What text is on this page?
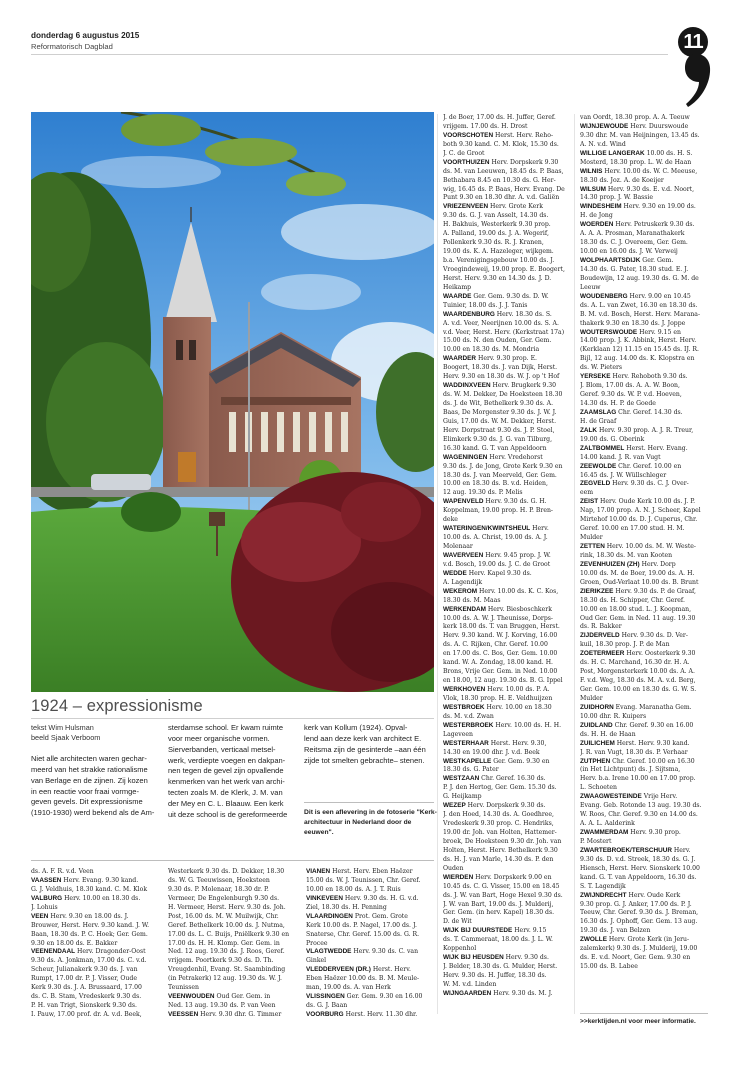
donderdag 6 augustus 2015
Reformatorisch Dagblad	11
1924 – expressionisme
tekst Wim Hulsman
beeld Sjaak Verboom
Niet alle architecten waren gechar-
meerd van het strakke rationalisme
van Berlage en de zijnen. Zij kozen
in een reactie voor fraai vormge-
geven gevels. Dit expressionisme
(1910-1930) werd bekend als de Am-
sterdamse school. Er kwam ruimte
voor meer organische vormen.
Sierverbanden, verticaal metsel-
werk, verdiepte voegen en dakpan-
nen tegen de gevel zijn opvallende
kenmerken van het werk van archi-
tecten zoals M. de Klerk, J. M. van
der Mey en C. L. Blaauw. Een kerk
uit deze school is de gereformeerde
kerk van Kollum (1924). Opval-
lend aan deze kerk van architect E.
Reitsma zijn de gesinterde –aan één
zijde tot smelten gebrachte– stenen.
Dit is een aflevering in de fotoserie "Kerk-
architectuur in Nederland door de
eeuwen".
ds. A. F. R. v.d. Veen
VAASSEN Herv. Evang. 9.30 kand.
G. J. Veldhuis, 18.30 kand. C. M. Klok
VALBURG Herv. 10.00 en 18.30 ds.
J. Lohuis
VEEN Herv. 9.30 en 18.00 ds. J.
Brouwer, Herst. Herv. 9.30 kand. J. W.
Baan, 18.30 ds. P. C. Hoek; Ger. Gem.
9.30 en 18.00 ds. E. Bakker
VEENENDAAL Herv. Dragonder-Oost
9.30 ds. A. Jonkman, 17.00 ds. C. v.d.
Scheur, Julianakerk 9.30 ds. J. van
Rumpt, 17.00 dr. P. J. Visser, Oude
Kerk 9.30 ds. J. A. Brussaard, 17.00
ds. C. B. Stam, Vredeskerk 9.30 ds.
P. H. van Trigt, Sionskerk 9.30 ds.
I. Pauw, 17.00 prof. dr. A. v.d. Beek,
Westerkerk 9.30 ds. D. Dekker, 18.30
ds. W. G. Teeuwissen, Hoeksteen
9.30 ds. P. Molenaar, 18.30 dr. P.
Vermeer, De Engelenburgh 9.30 ds.
H. Vermeer, Herst. Herv. 9.30 ds. Joh.
Post, 16.00 ds. M. W. Muilwijk, Chr.
Geref. Bethelkerk 10.00 ds. J. Nutma,
17.00 ds. L. C. Buijs, Pniëlkerk 9.30 en
17.00 ds. H. H. Klomp. Ger. Gem. in
Ned. 12 aug. 19.30 ds. J. Roos, Geref.
vrijgem. Poortkerk 9.30 ds. D. Th.
Vreugdenhil, Evang. St. Saambinding
(in Petrakerk) 12 aug. 19.30 ds. W. J.
Teunissen
VEENWOUDEN Oud Ger. Gem. in
Ned. 13 aug. 19.30 ds. P. van Veen
VEESSEN Herv. 9.30 dhr. G. Timmer
VIANEN Herst. Herv. Eben Haëzer
15.00 ds. W. J. Teunissen, Chr. Geref.
10.00 en 18.00 ds. A. J. T. Ruis
VINKEVEEN Herv. 9.30 ds. H. G. v.d.
Ziel, 18.30 ds. H. Penning
VLAARDINGEN Prot. Gem. Grote
Kerk 10.00 ds. P. Nagel, 17.00 ds. J.
Snaterse, Chr. Geref. 15.00 ds. G. R.
Procee
VLAGTWEDDE Herv. 9.30 ds. C. van
Ginkel
VLEDDERVEEN (DR.) Herst. Herv.
Eben Haëzer 10.00 ds. B. M. Meule-
man, 19.00 ds. A. van Herk
VLISSINGEN Ger. Gem. 9.30 en 16.00
ds. G. J. Baan
VOORBURG Herst. Herv. 11.30 dhr.
J. de Boer, 17.00 ds. H. Juffer, Geref.
vrijgem. 17.00 ds. H. Drost
VOORSCHOTEN Herst. Herv. Reho-
both 9.30 kand. C. M. Klok, 15.30 ds.
J. C. de Groot
VOORTHUIZEN Herv. Dorpskerk 9.30
ds. M. van Leeuwen, 18.45 ds. P. Baas,
Bethabara 8.45 en 10.30 ds. G. Her-
wig, 16.45 ds. P. Baas, Herv. Evang. De
Punt 9.30 en 18.30 dhr. A. v.d. Galiën
VRIEZENVEEN Herv. Grote Kerk
9.30 ds. G. J. van Asselt, 14.30 ds.
H. Bakhuis, Westerkerk 9.30 prop.
A. Palland, 19.00 ds. J. A. Wegerif,
Pollenkerk 9.30 ds. R. J. Kranen,
19.00 ds. K. A. Hazeleger, wijkgem.
b.a. Verenigingsgebouw 10.00 ds. J.
Vroegindeweij, 19.00 prop. E. Boogert,
Herst. Herv. 9.30 en 14.30 ds. J. D.
Heikamp
WAARDE Ger. Gem. 9.30 ds. D. W.
Tuinier, 18.00 ds. J. J. Tanis
WAARDENBURG Herv. 18.30 ds. S.
A. v.d. Veer, Neerijnen 10.00 ds. S. A.
v.d. Veer, Herst. Herv. (Kerkstraat 17a)
15.00 ds. N. den Ouden, Ger. Gem.
10.00 en 18.30 ds. M. Mondria
WAARDER Herv. 9.30 prop. E.
Boogert, 18.30 ds. J. van Dijk, Herst.
Herv. 9.30 en 18.30 ds. W. J. op 't Hof
WADDINXVEEN Herv. Brugkerk 9.30
ds. W. M. Dekker, De Hoeksteen 18.30
ds. J. de Wit, Bethelkerk 9.30 ds. A.
Baas, De Morgenster 9.30 ds. J. W. J.
Guis, 17.00 ds. W. M. Dekker, Herst.
Herv. Dorpstraat 9.30 ds. J. P. Stoel,
Elimkerk 9.30 ds. J. G. van Tilburg,
16.30 kand. G. T. van Appeldoorn
WAGENINGEN Herv. Vredehorst
9.30 ds. J. de Jong, Grote Kerk 9.30 en
18.30 ds. J. van Meerveld, Ger. Gem.
10.00 en 18.30 ds. B. v.d. Heiden,
12 aug. 19.30 ds. P. Melis
WAPENVELD Herv. 9.30 ds. G. H.
Koppelman, 19.00 prop. H. P. Bren-
deke
WATERINGEN/KWINTSHEUL Herv.
10.00 ds. A. Christ, 19.00 ds. A. J.
Molenaar
WAVERVEEN Herv. 9.45 prop. J. W.
v.d. Bosch, 19.00 ds. J. C. de Groot
WEDDE Herv. Kapel 9.30 ds.
A. Lagendijk
WEKEROM Herv. 10.00 ds. K. C. Kos,
18.30 ds. M. Maas
WERKENDAM Herv. Biesboschkerk
10.00 ds. A. W. J. Theunisse, Dorps-
kerk 18.00 ds. T. van Bruggen, Herst.
Herv. 9.30 kand. W. J. Korving, 16.00
ds. A. C. Rijken, Chr. Geref. 10.00
en 17.00 ds. C. Bos, Ger. Gem. 10.00
kand. W. A. Zondag, 18.00 kand. H.
Brons, Vrije Ger. Gem. in Ned. 10.00
en 18.00, 12 aug. 19.30 ds. B. G. Ippel
WERKHOVEN Herv. 10.00 ds. P. A.
Vlok, 18.30 prop. H. E. Veldhuijzen
WESTBROEK Herv. 10.00 en 18.30
ds. M. v.d. Zwan
WESTERBROEK Herv. 10.00 ds. H. H.
Lageveen
WESTERHAAR Herst. Herv. 9.30,
14.30 en 19.00 dhr. J. v.d. Beek
WESTKAPELLE Ger. Gem. 9.30 en
18.30 ds. G. Pater
WESTZAAN Chr. Geref. 16.30 ds.
P. J. den Hertog, Ger. Gem. 15.30 ds.
G. Heijkamp
WEZEP Herv. Dorpskerk 9.30 ds.
J. den Hoed, 14.30 ds. A. Goedhree,
Vredeskerk 9.30 prop. C. Hendriks,
19.00 dr. Joh. van Holten, Hattemer-
broek, De Hoeksteen 9.30 dr. Joh. van
Holten, Herst. Herv. Bethelkerk 9.30
ds. H. J. van Marle, 14.30 ds. P. den
Ouden
WIERDEN Herv. Dorpskerk 9.00 en
10.45 ds. C. G. Visser, 15.00 en 18.45
ds. J. W. van Bart, Hoge Hexel 9.30 ds.
J. W. van Bart, 19.00 ds. J. Mulderij,
Ger. Gem. (in herv. Kapel) 18.30 ds.
D. de Wit
WIJK BIJ DUURSTEDE Herv. 9.15
ds. T. Cammeraat, 18.00 ds. J. L. W.
Koppenhol
WIJK BIJ HEUSDEN Herv. 9.30 ds.
J. Belder, 18.30 ds. G. Mulder, Herst.
Herv. 9.30 ds. H. Juffer, 18.30 ds.
W. M. v.d. Linden
WIJNGAARDEN Herv. 9.30 ds. M. J.
van Oordt, 18.30 prop. A. A. Teeuw
WIJNJEWOUDE Herv. Duurswoude
9.30 dhr. M. van Heijningen, 13.45 ds.
A. N. v.d. Wind
WILLIGE LANGERAK 10.00 ds. H. S.
Mosterd, 18.30 prop. L. W. de Haan
WILNIS Herv. 10.00 ds. W. C. Meeuse,
18.30 ds. Joz. A. de Koeijer
WILSUM Herv. 9.30 ds. E. v.d. Noort,
14.30 prop. J. W. Bassie
WINDESHEIM Herv. 9.30 en 19.00 ds.
H. de Jong
WOERDEN Herv. Petruskerk 9.30 ds.
A. A. A. Prosman, Maranathakerk
18.30 ds. C. J. Overeem, Ger. Gem.
10.00 en 16.00 ds. J. W. Verweij
WOLPHAARTSDIJK Ger. Gem.
14.30 ds. G. Pater, 18.30 stud. E. J.
Boudewijn, 12 aug. 19.30 ds. G. M. de
Leeuw
WOUDENBERG Herv. 9.00 en 10.45
ds. A. L. van Zwet, 16.30 en 18.30 ds.
B. M. v.d. Bosch, Herst. Herv. Marana-
thakerk 9.30 en 18.30 ds. J. Joppe
WOUTERSWOUDE Herv. 9.15 en
14.00 prop. J. K. Abbink, Herst. Herv.
(Kerklaan 12) 11.15 en 15.45 ds. IJ. R.
Bijl, 12 aug. 14.00 ds. K. Klopstra en
ds. W. Pieters
YERSEKE Herv. Rehoboth 9.30 ds.
J. Blom, 17.00 ds. A. A. W. Boon,
Geref. 9.30 ds. W. P. v.d. Hoeven,
14.30 ds. H. P. de Goede
ZAAMSLAG Chr. Geref. 14.30 ds.
H. de Graaf
ZALK Herv. 9.30 prop. A. J. R. Treur,
19.00 ds. G. Oberink
ZALTBOMMEL Herst. Herv. Evang.
14.00 kand. J. R. van Vugt
ZEEWOLDE Chr. Geref. 10.00 en
16.45 ds. J. W. Wüllschleger
ZEGVELD Herv. 9.30 ds. C. J. Over-
eem
ZEIST Herv. Oude Kerk 10.00 ds. J. P.
Nap, 17.00 prop. A. N. J. Scheer, Kapel
Mirtehof 10.00 ds. D. J. Cuperus, Chr.
Geref. 10.00 en 17.00 stud. H. M.
Mulder
ZETTEN Herv. 10.00 ds. M. W. Weste-
rink, 18.30 ds. M. van Kooten
ZEVENHUIZEN (ZH) Herv. Dorp
10.00 ds. M. de Boer, 19.00 ds. A. H.
Groen, Oud-Verlaat 10.00 ds. B. Brunt
ZIERIKZEE Herv. 9.30 ds. P. de Graaf,
18.30 ds. H. Schipper, Chr. Geref.
10.00 en 18.00 stud. L. J. Koopman,
Oud Ger. Gem. in Ned. 11 aug. 19.30
ds. R. Bakker
ZIJDERVELD Herv. 9.30 ds. D. Ver-
kuil, 18.30 prop. J. P. de Man
ZOETERMEER Herv. Oosterkerk 9.30
ds. H. C. Marchand, 16.30 dr. H. A.
Post, Morgensterkerk 10.00 ds. A. A.
F. v.d. Weg, 18.30 ds. M. A. v.d. Berg,
Ger. Gem. 10.00 en 18.30 ds. G. W. S.
Mulder
ZUIDHORN Evang. Maranatha Gem.
10.00 dhr. R. Kuipers
ZUIDLAND Chr. Geref. 9.30 en 16.00
ds. H. H. de Haan
ZUILICHEM Herst. Herv. 9.30 kand.
J. R. van Vugt, 18.30 ds. P. Verhaar
ZUTPHEN Chr. Geref. 10.00 en 16.30
(in Het Lichtpunt) ds. J. Sijtsma,
Herv. b.a. Irene 10.00 en 17.00 prop.
L. Schoeten
ZWAAGWESTEINDE Vrije Herv.
Evang. Geb. Rotonde 13 aug. 19.30 ds.
W. Roos, Chr. Geref. 9.30 en 14.00 ds.
A. A. L. Aalderink
ZWAMMERDAM Herv. 9.30 prop.
P. Mostert
ZWARTEBROEK/TERSCHUUR Herv.
9.30 ds. D. v.d. Streek, 18.30 ds. G. J.
Hiensch, Herst. Herv. Sionskerk 10.00
kand. G. T. van Appeldoorn, 16.30 ds.
S. T. Lagendijk
ZWIJNDRECHT Herv. Oude Kerk
9.30 prop. G. J. Anker, 17.00 ds. P. J.
Teeuw, Chr. Geref. 9.30 ds. J. Breman,
16.30 ds. J. Ophoff, Ger. Gem. 13 aug.
19.30 ds. J. van Belzen
ZWOLLE Herv. Grote Kerk (in Jeru-
zalemkerk) 9.30 ds. J. Mulderij, 19.00
ds. E. v.d. Noort, Ger. Gem. 9.30 en
15.00 ds. B. Labee
>>kerktijden.nl voor meer informatie.
